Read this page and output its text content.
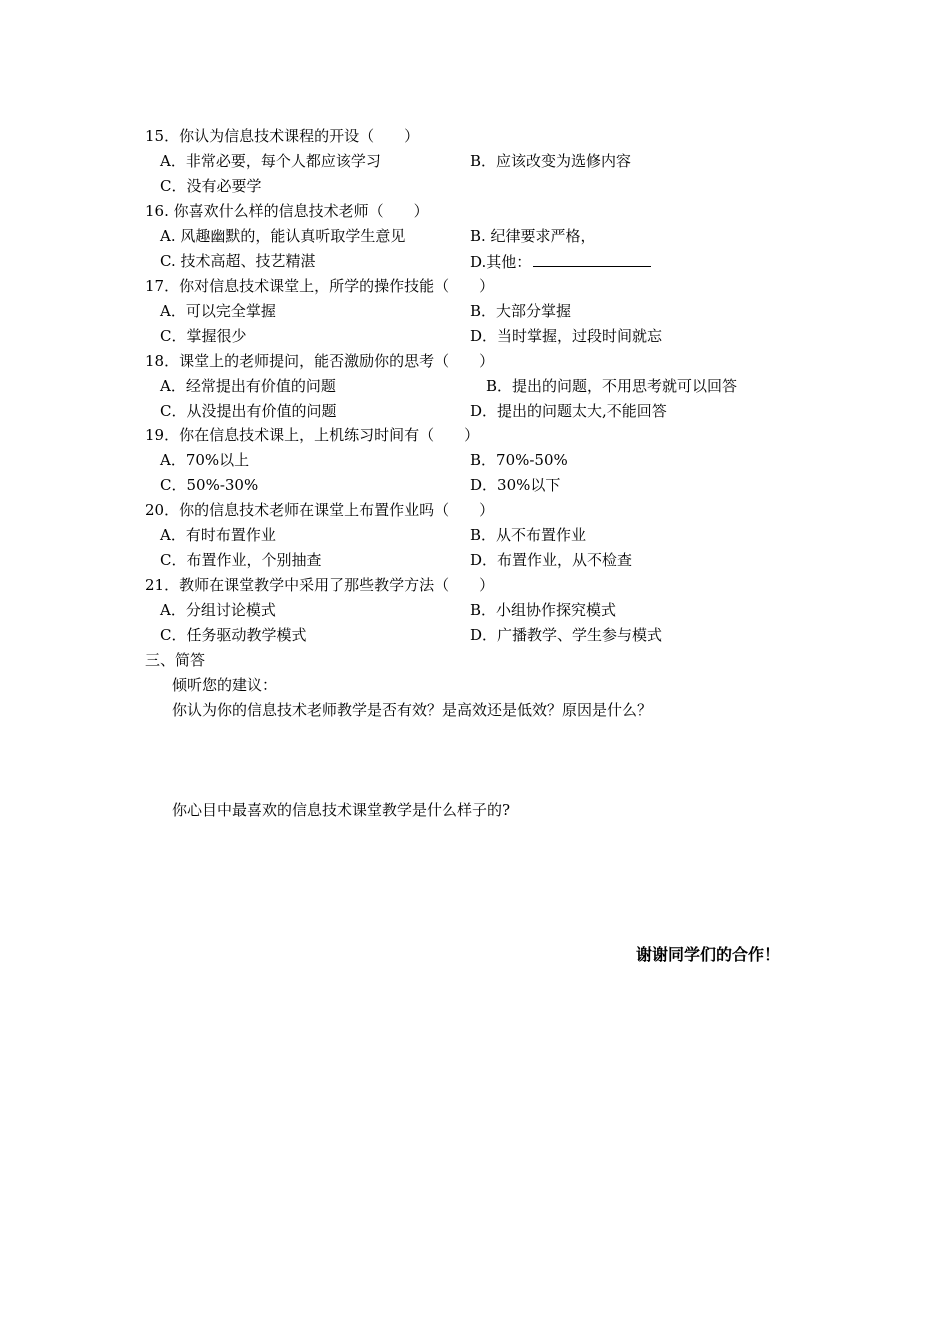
15．你认为信息技术课程的开设（　　）
A．非常必要，每个人都应该学习	B．应该改变为选修内容
C．没有必要学
16. 你喜欢什么样的信息技术老师（　　）
A. 风趣幽默的，能认真听取学生意见	B. 纪律要求严格，
C. 技术高超、技艺精湛	D.其他：
17．你对信息技术课堂上，所学的操作技能（　　）
A．可以完全掌握	B．大部分掌握
C．掌握很少	D．当时掌握，过段时间就忘
18．课堂上的老师提问，能否激励你的思考（　　）
A．经常提出有价值的问题	B．提出的问题，不用思考就可以回答
C．从没提出有价值的问题	D．提出的问题太大,不能回答
19．你在信息技术课上，上机练习时间有（　　）
A．70%以上	B．70%-50%
C．50%-30%	D．30%以下
20．你的信息技术老师在课堂上布置作业吗（　　）
A．有时布置作业	B．从不布置作业
C．布置作业，个别抽查	D．布置作业，从不检查
21．教师在课堂教学中采用了那些教学方法（　　）
A．分组讨论模式	B．小组协作探究模式
C．任务驱动教学模式	D．广播教学、学生参与模式
三、简答
倾听您的建议：
你认为你的信息技术老师教学是否有效？是高效还是低效？原因是什么？
你心目中最喜欢的信息技术课堂教学是什么样子的?
谢谢同学们的合作！
